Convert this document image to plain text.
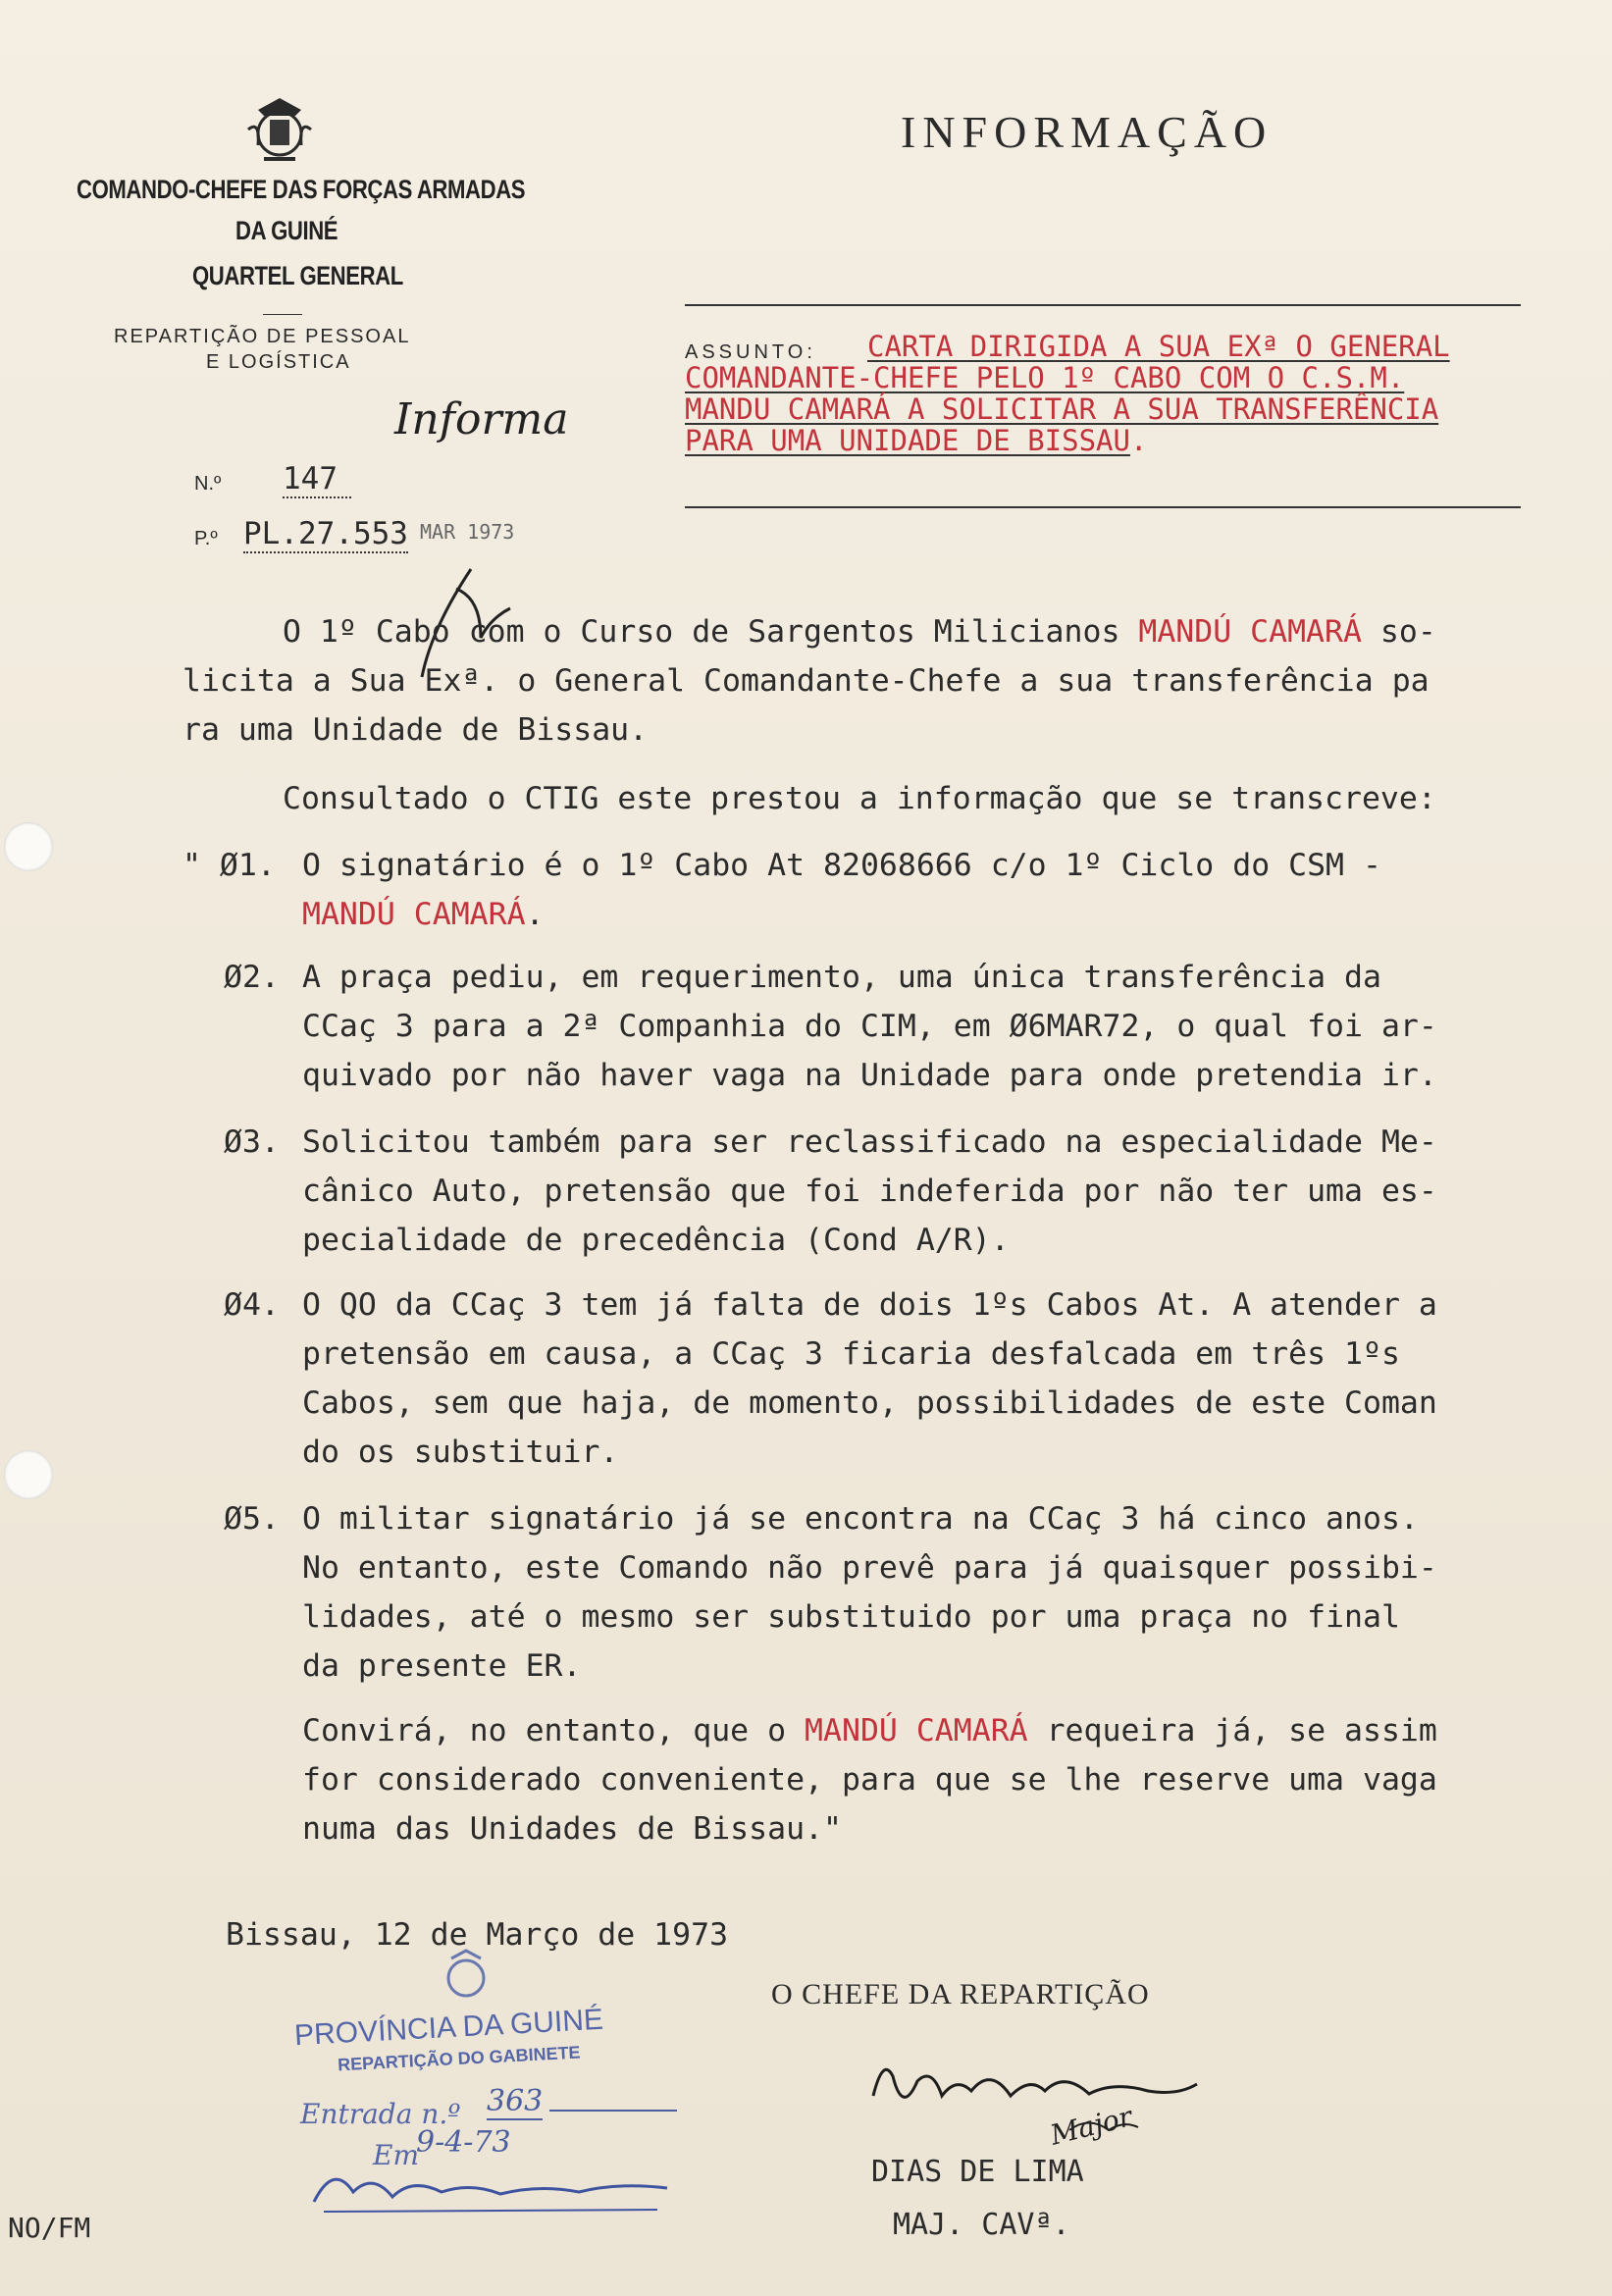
COMANDO-CHEFE DAS FORÇAS ARMADAS
DA GUINÉ
QUARTEL GENERAL
REPARTIÇÃO DE PESSOAL
E LOGÍSTICA
INFORMAÇÃO
ASSUNTO: CARTA DIRIGIDA A SUA EXª O GENERAL
COMANDANTE-CHEFE PELO 1º CABO COM O C.S.M.
MANDU CAMARÁ A SOLICITAR A SUA TRANSFERÊNCIA
PARA UMA UNIDADE DE BISSAU.
Informa
N.º 147
P.º PL.27.553 MAR 1973
O 1º Cabo com o Curso de Sargentos Milicianos MANDÚ CAMARÁ so-
licita a Sua Exª. o General Comandante-Chefe a sua transferência pa
ra uma Unidade de Bissau.
Consultado o CTIG este prestou a informação que se transcreve:
" Ø1. O signatário é o 1º Cabo At 82068666 c/o 1º Ciclo do CSM -
MANDÚ CAMARÁ.
Ø2. A praça pediu, em requerimento, uma única transferência da
CCaç 3 para a 2ª Companhia do CIM, em Ø6MAR72, o qual foi ar-
quivado por não haver vaga na Unidade para onde pretendia ir.
Ø3. Solicitou também para ser reclassificado na especialidade Me-
cânico Auto, pretensão que foi indeferida por não ter uma es-
pecialidade de precedência (Cond A/R).
Ø4. O QO da CCaç 3 tem já falta de dois 1ºs Cabos At. A atender a
pretensão em causa, a CCaç 3 ficaria desfalcada em três 1ºs
Cabos, sem que haja, de momento, possibilidades de este Coman
do os substituir.
Ø5. O militar signatário já se encontra na CCaç 3 há cinco anos.
No entanto, este Comando não prevê para já quaisquer possibi-
lidades, até o mesmo ser substituido por uma praça no final
da presente ER.
Convirá, no entanto, que o MANDÚ CAMARÁ requeira já, se assim
for considerado conveniente, para que se lhe reserve uma vaga
numa das Unidades de Bissau."
Bissau, 12 de Março de 1973
O CHEFE DA REPARTIÇÃO
Major
DIAS DE LIMA
MAJ. CAVª.
NO/FM
PROVÍNCIA DA GUINÉ
REPARTIÇÃO DO GABINETE
Entrada n.º 363
Em
9-4-73
